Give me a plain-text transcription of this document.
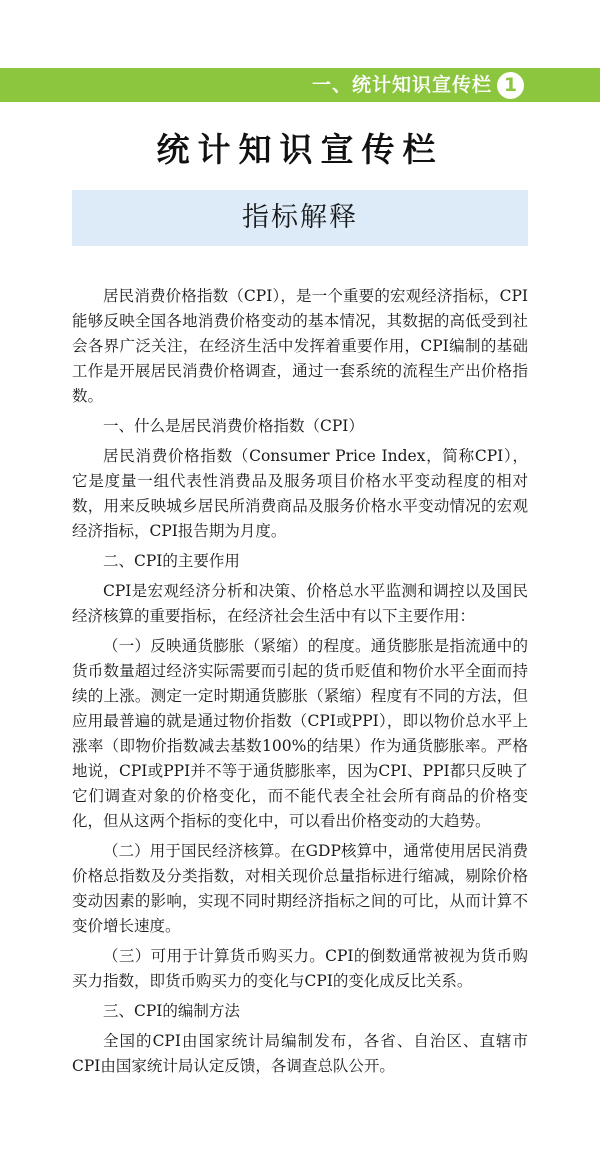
一、统计知识宣传栏 1
统计知识宣传栏
指标解释

居民消费价格指数（CPI），是一个重要的宏观经济指标，CPI能够反映全国各地消费价格变动的基本情况，其数据的高低受到社会各界广泛关注，在经济生活中发挥着重要作用，CPI编制的基础工作是开展居民消费价格调查，通过一套系统的流程生产出价格指数。

一、什么是居民消费价格指数（CPI）

居民消费价格指数（Consumer Price Index，简称CPI），它是度量一组代表性消费品及服务项目价格水平变动程度的相对数，用来反映城乡居民所消费商品及服务价格水平变动情况的宏观经济指标，CPI报告期为月度。

二、CPI的主要作用

CPI是宏观经济分析和决策、价格总水平监测和调控以及国民经济核算的重要指标，在经济社会生活中有以下主要作用：

（一）反映通货膨胀（紧缩）的程度。通货膨胀是指流通中的货币数量超过经济实际需要而引起的货币贬值和物价水平全面而持续的上涨。测定一定时期通货膨胀（紧缩）程度有不同的方法，但应用最普遍的就是通过物价指数（CPI或PPI），即以物价总水平上涨率（即物价指数减去基数100%的结果）作为通货膨胀率。严格地说，CPI或PPI并不等于通货膨胀率，因为CPI、PPI都只反映了它们调查对象的价格变化，而不能代表全社会所有商品的价格变化，但从这两个指标的变化中，可以看出价格变动的大趋势。

（二）用于国民经济核算。在GDP核算中，通常使用居民消费价格总指数及分类指数，对相关现价总量指标进行缩减，剔除价格变动因素的影响，实现不同时期经济指标之间的可比，从而计算不变价增长速度。

（三）可用于计算货币购买力。CPI的倒数通常被视为货币购买力指数，即货币购买力的变化与CPI的变化成反比关系。

三、CPI的编制方法

全国的CPI由国家统计局编制发布，各省、自治区、直辖市CPI由国家统计局认定反馈，各调查总队公开。
